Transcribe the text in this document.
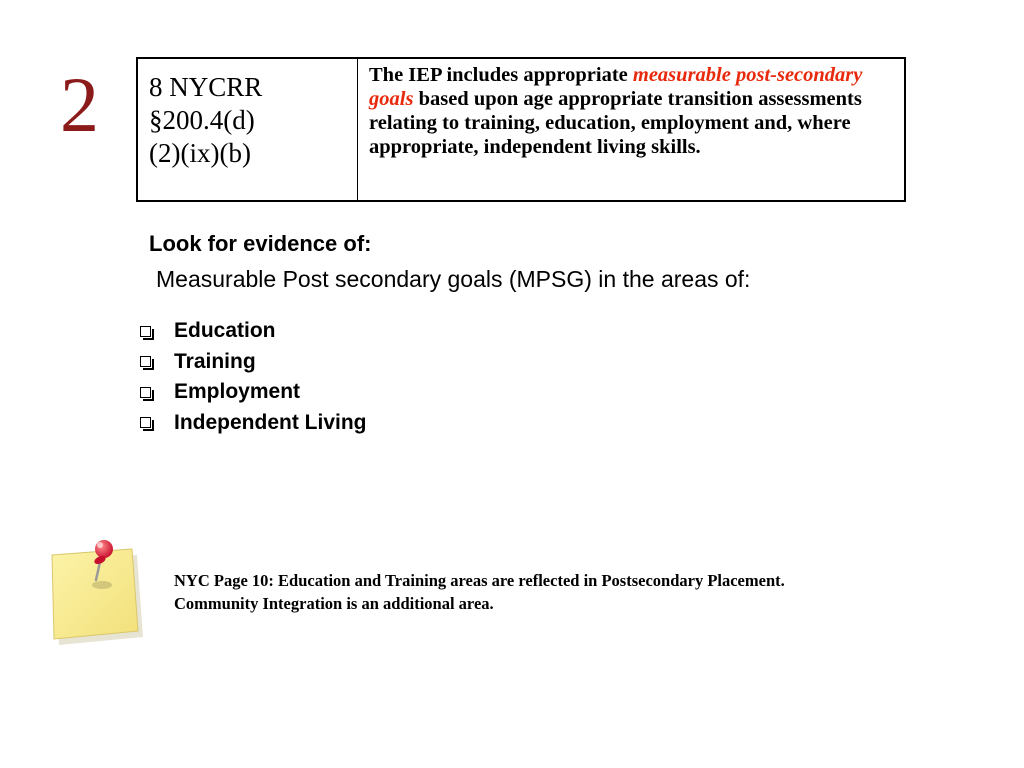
2 8 NYCRR
§200.4(d)
(2)(ix)(b)
The IEP includes appropriate measurable post-secondary goals based upon age appropriate transition assessments relating to training, education, employment and, where appropriate, independent living skills.
Look for evidence of:
Measurable Post secondary goals (MPSG) in the areas of:
Education
Training
Employment
Independent Living
NYC Page 10: Education and Training areas are reflected in Postsecondary Placement.
Community Integration is an additional area.
